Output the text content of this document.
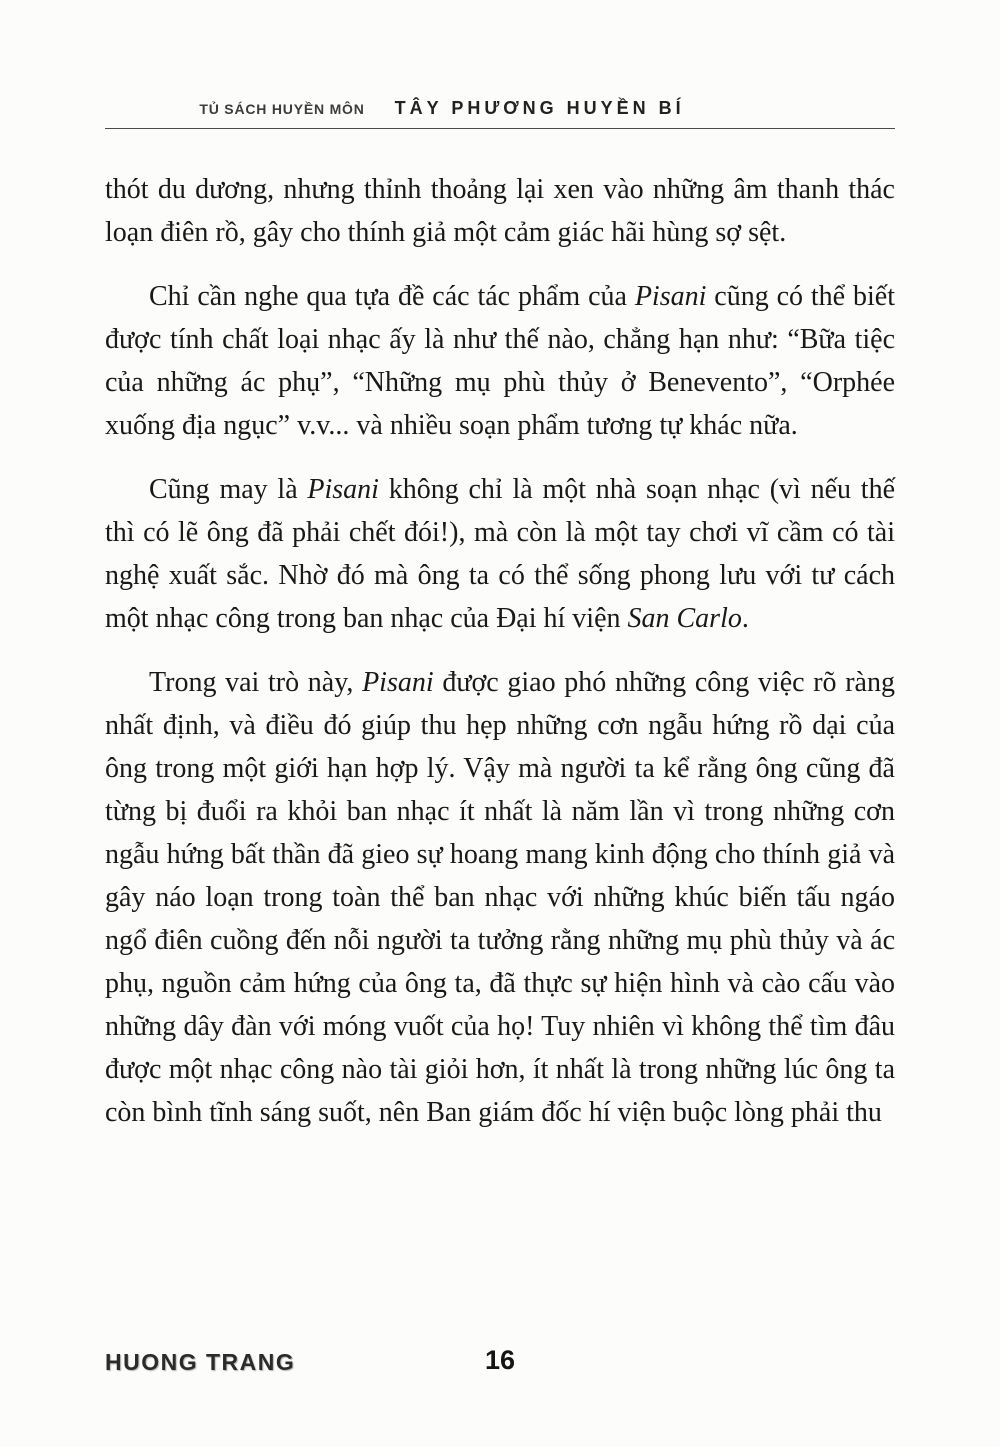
TỦ SÁCH HUYỀN MÔN TÂY PHƯƠNG HUYỀN BÍ

thót du dương, nhưng thỉnh thoảng lại xen vào những âm thanh thác loạn điên rồ, gây cho thính giả một cảm giác hãi hùng sợ sệt.

Chỉ cần nghe qua tựa đề các tác phẩm của Pisani cũng có thể biết được tính chất loại nhạc ấy là như thế nào, chẳng hạn như: “Bữa tiệc của những ác phụ”, “Những mụ phù thủy ở Benevento”, “Orphée xuống địa ngục” v.v... và nhiều soạn phẩm tương tự khác nữa.

Cũng may là Pisani không chỉ là một nhà soạn nhạc (vì nếu thế thì có lẽ ông đã phải chết đói!), mà còn là một tay chơi vĩ cầm có tài nghệ xuất sắc. Nhờ đó mà ông ta có thể sống phong lưu với tư cách một nhạc công trong ban nhạc của Đại hí viện San Carlo.

Trong vai trò này, Pisani được giao phó những công việc rõ ràng nhất định, và điều đó giúp thu hẹp những cơn ngẫu hứng rồ dại của ông trong một giới hạn hợp lý. Vậy mà người ta kể rằng ông cũng đã từng bị đuổi ra khỏi ban nhạc ít nhất là năm lần vì trong những cơn ngẫu hứng bất thần đã gieo sự hoang mang kinh động cho thính giả và gây náo loạn trong toàn thể ban nhạc với những khúc biến tấu ngáo ngổ điên cuồng đến nỗi người ta tưởng rằng những mụ phù thủy và ác phụ, nguồn cảm hứng của ông ta, đã thực sự hiện hình và cào cấu vào những dây đàn với móng vuốt của họ! Tuy nhiên vì không thể tìm đâu được một nhạc công nào tài giỏi hơn, ít nhất là trong những lúc ông ta còn bình tĩnh sáng suốt, nên Ban giám đốc hí viện buộc lòng phải thu

HUONG TRANG	16
